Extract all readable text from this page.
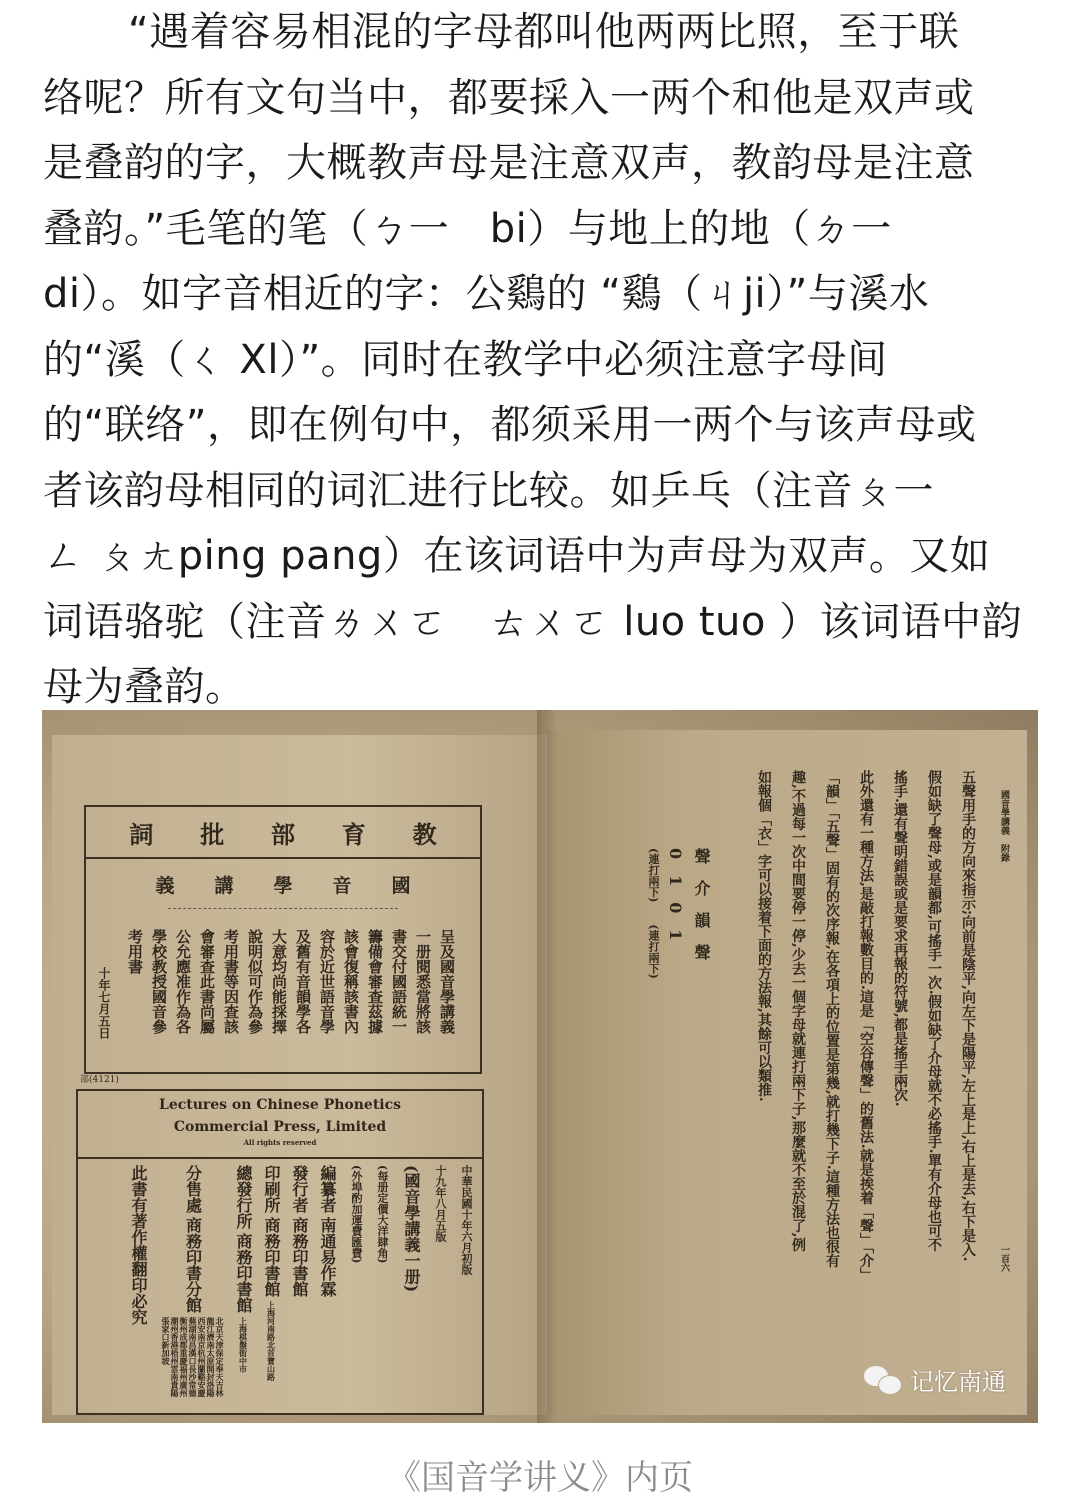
“遇着容易相混的字母都叫他两两比照，至于联
络呢？所有文句当中，都要採入一两个和他是双声或
是叠韵的字，大概教声母是注意双声，教韵母是注意
叠韵。”毛笔的笔（ㄅ一　bi）与地上的地（ㄉ一
di）。如字音相近的字：公鷄的 “鷄（ㄐji）”与溪水
的“溪（ㄑ Xl）”。同时在教学中必须注意字母间
的“联络”，即在例句中，都须采用一两个与该声母或
者该韵母相同的词汇进行比较。如乒乓（注音ㄆ一
ㄥ ㄆㄤping pang）在该词语中为声母为双声。又如
词语骆驼（注音ㄌㄨㄛ　ㄊㄨㄛ luo tuo ）该词语中韵
母为叠韵。
教
育
部
批
詞
國
音
學
講
義
呈及國音學講義
一册閱悉當將該
書交付國語統一
籌備會審查茲據
該會復稱該書內
容於近世語音學
及舊有音韻學各
大意均尚能採擇
說明似可作為參
考用書等因查該
會審查此書尚屬
公允應准作為各
學校教授國音參
考用書
十年七月五日
部(4121)
Lectures on Chinese Phonetics
Commercial Press, Limited
All rights reserved
中華民國十年六月初版
十九年八月五版
(國音學講義一册)
(每册定價大洋肆角)
(外埠酌加運費匯費)
編纂者
南通易作霖
發行者
商務印書館
印刷所
商務印書館
上海河南路北首寶山路
總發行所
商務印書館
上海棋盤街中市
分售處
商務印書分館
北京天津保定奉天吉林龍江濟南太原開封洛陽西安南京杭州蘭谿安慶蕪湖南昌漢口長沙常德衡州成都重慶福州廣州潮州香港梧州雲南貴陽張家口新加坡
此書有著作權翻印必究
國音學講義　附錄
一百六
五聲用手的方向來指示;向前是陰平,向左下是陽平,左上是上,右上是去,右下是入.
假如缺了聲母,或是韻都,可搖手一次.假如缺了介母就不必搖手.單有介母也可不
搖手.還有聲明錯誤或是要求再報的符號,都是搖手兩次.
此外還有一種方法,是敲打報數目的.這是「空谷傳聲」的舊法.就是挨着「聲」「介」
「韻」「五聲」固有的次序報,在各項上的位置是第幾,就打幾下子.這種方法也很有
趣,不過每一次中間要停一停,少去一個字母就連打兩下子,那麼就不至於混了,例
如報個「衣」字可以接着下面的方法報,其餘可以類推.
聲　介　韻　聲
0　1　0　1
(連打兩下)　　(連打兩下)
记忆南通
《国音学讲义》内页
